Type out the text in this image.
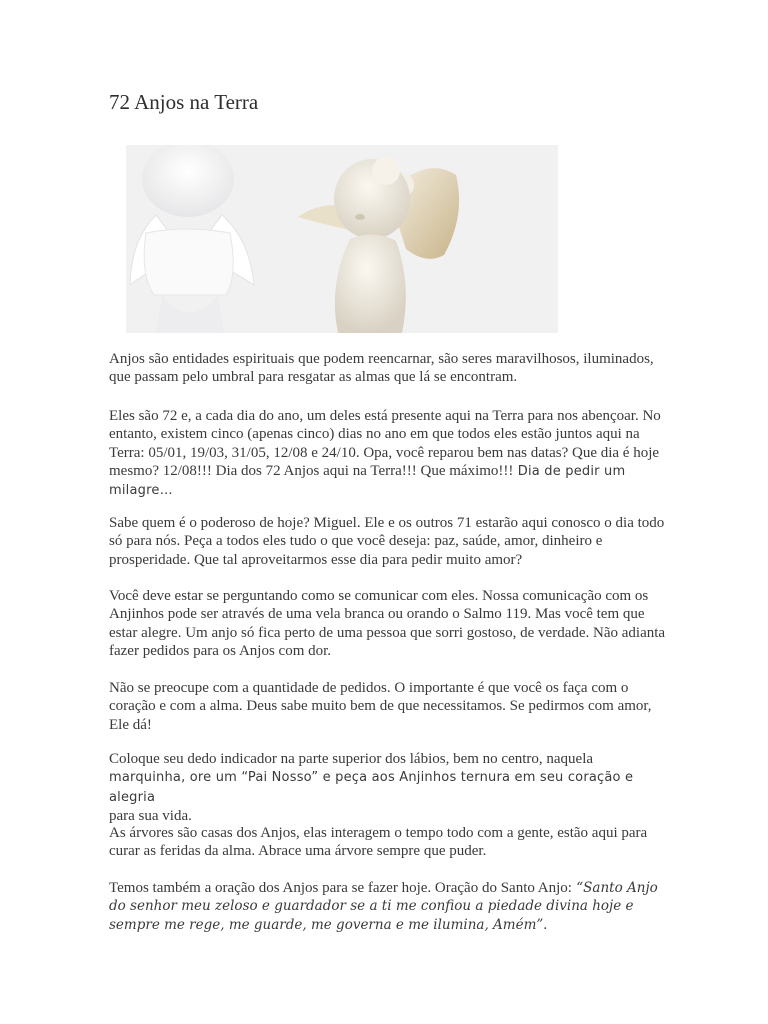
72 Anjos na Terra

Anjos são entidades espirituais que podem reencarnar, são seres maravilhosos, iluminados, que passam pelo umbral para resgatar as almas que lá se encontram.

Eles são 72 e, a cada dia do ano, um deles está presente aqui na Terra para nos abençoar. No entanto, existem cinco (apenas cinco) dias no ano em que todos eles estão juntos aqui na Terra: 05/01, 19/03, 31/05, 12/08 e 24/10. Opa, você reparou bem nas datas? Que dia é hoje mesmo? 12/08!!! Dia dos 72 Anjos aqui na Terra!!! Que máximo!!! Dia de pedir um milagre…

Sabe quem é o poderoso de hoje? Miguel. Ele e os outros 71 estarão aqui conosco o dia todo só para nós. Peça a todos eles tudo o que você deseja: paz, saúde, amor, dinheiro e prosperidade. Que tal aproveitarmos esse dia para pedir muito amor?

Você deve estar se perguntando como se comunicar com eles. Nossa comunicação com os Anjinhos pode ser através de uma vela branca ou orando o Salmo 119. Mas você tem que estar alegre. Um anjo só fica perto de uma pessoa que sorri gostoso, de verdade. Não adianta fazer pedidos para os Anjos com dor.

Não se preocupe com a quantidade de pedidos. O importante é que você os faça com o coração e com a alma. Deus sabe muito bem de que necessitamos. Se pedirmos com amor, Ele dá!

Coloque seu dedo indicador na parte superior dos lábios, bem no centro, naquela
marquinha, ore um “Pai Nosso” e peça aos Anjinhos ternura em seu coração e alegria
para sua vida.

As árvores são casas dos Anjos, elas interagem o tempo todo com a gente, estão aqui para curar as feridas da alma. Abrace uma árvore sempre que puder.

Temos também a oração dos Anjos para se fazer hoje. Oração do Santo Anjo: “Santo Anjo do senhor meu zeloso e guardador se a ti me confiou a piedade divina hoje e sempre me rege, me guarde, me governa e me ilumina, Amém”.
